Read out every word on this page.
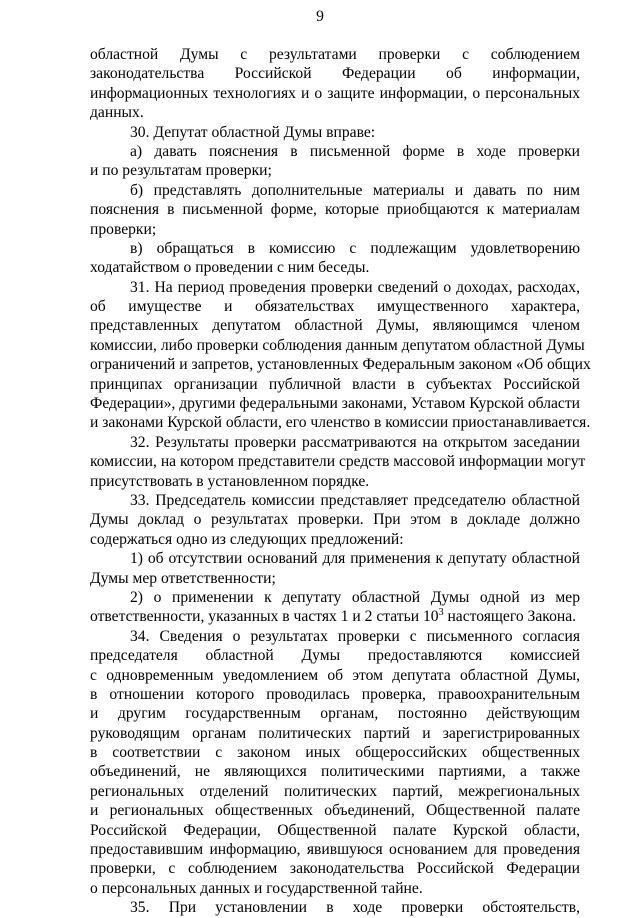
9
областной Думы с результатами проверки с соблюдением
законодательства Российской Федерации об информации,
информационных технологиях и о защите информации, о персональных
данных.
30. Депутат областной Думы вправе:
а) давать пояснения в письменной форме в ходе проверки
и по результатам проверки;
б) представлять дополнительные материалы и давать по ним
пояснения в письменной форме, которые приобщаются к материалам
проверки;
в) обращаться в комиссию с подлежащим удовлетворению
ходатайством о проведении с ним беседы.
31. На период проведения проверки сведений о доходах, расходах,
об имуществе и обязательствах имущественного характера,
представленных депутатом областной Думы, являющимся членом
комиссии, либо проверки соблюдения данным депутатом областной Думы
ограничений и запретов, установленных Федеральным законом «Об общих
принципах организации публичной власти в субъектах Российской
Федерации», другими федеральными законами, Уставом Курской области
и законами Курской области, его членство в комиссии приостанавливается.
32. Результаты проверки рассматриваются на открытом заседании
комиссии, на котором представители средств массовой информации могут
присутствовать в установленном порядке.
33. Председатель комиссии представляет председателю областной
Думы доклад о результатах проверки. При этом в докладе должно
содержаться одно из следующих предложений:
1) об отсутствии оснований для применения к депутату областной
Думы мер ответственности;
2) о применении к депутату областной Думы одной из мер
ответственности, указанных в частях 1 и 2 статьи $10^3$ настоящего Закона.
34. Сведения о результатах проверки с письменного согласия
председателя областной Думы предоставляются комиссией
с одновременным уведомлением об этом депутата областной Думы,
в отношении которого проводилась проверка, правоохранительным
и другим государственным органам, постоянно действующим
руководящим органам политических партий и зарегистрированных
в соответствии с законом иных общероссийских общественных
объединений, не являющихся политическими партиями, а также
региональных отделений политических партий, межрегиональных
и региональных общественных объединений, Общественной палате
Российской Федерации, Общественной палате Курской области,
предоставившим информацию, явившуюся основанием для проведения
проверки, с соблюдением законодательства Российской Федерации
о персональных данных и государственной тайне.
35. При установлении в ходе проверки обстоятельств,
